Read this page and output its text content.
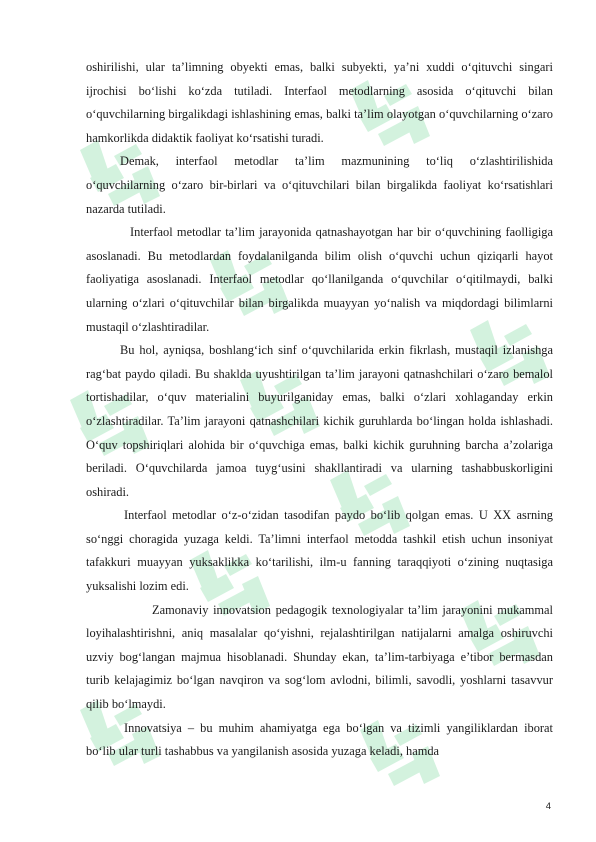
oshirilishi, ular ta’limning obyekti emas, balki subyekti, ya’ni xuddi o‘qituvchi singari ijrochisi bo‘lishi ko‘zda tutiladi. Interfaol metodlarning asosida o‘qituvchi bilan o‘quvchilarning birgalikdagi ishlashining emas, balki ta’lim olayotgan o‘quvchilarning o‘zaro hamkorlikda didaktik faoliyat ko‘rsatishi turadi.

Demak, interfaol metodlar ta’lim mazmunining to‘liq o‘zlashtirilishida o‘quvchilarning o‘zaro bir-birlari va o‘qituvchilari bilan birgalikda faoliyat ko‘rsatishlari nazarda tutiladi.

Interfaol metodlar ta’lim jarayonida qatnashayotgan har bir o‘quvchining faolligiga asoslanadi. Bu metodlardan foydalanilganda bilim olish o‘quvchi uchun qiziqarli hayot faoliyatiga asoslanadi. Interfaol metodlar qo‘llanilganda o‘quvchilar o‘qitilmaydi, balki ularning o‘zlari o‘qituvchilar bilan birgalikda muayyan yo‘nalish va miqdordagi bilimlarni mustaqil o‘zlashtiradilar.

Bu hol, ayniqsa, boshlang‘ich sinf o‘quvchilarida erkin fikrlash, mustaqil izlanishga rag‘bat paydo qiladi. Bu shaklda uyushtirilgan ta’lim jarayoni qatnashchilari o‘zaro bemalol tortishadilar, o‘quv materialini buyurilganiday emas, balki o‘zlari xohlaganday erkin o‘zlashtiradilar. Ta’lim jarayoni qatnashchilari kichik guruhlarda bo‘lingan holda ishlashadi. O‘quv topshiriqlari alohida bir o‘quvchiga emas, balki kichik guruhning barcha a’zolariga beriladi. O‘quvchilarda jamoa tuyg‘usini shakllantiradi va ularning tashabbuskorligini oshiradi.

Interfaol metodlar o‘z-o‘zidan tasodifan paydo bo‘lib qolgan emas. U XX asrning so‘nggi choragida yuzaga keldi. Ta’limni interfaol metodda tashkil etish uchun insoniyat tafakkuri muayyan yuksaklikka ko‘tarilishi, ilm-u fanning taraqqiyoti o‘zining nuqtasiga yuksalishi lozim edi.

Zamonaviy innovatsion pedagogik texnologiyalar ta’lim jarayonini mukammal loyihalashtirishni, aniq masalalar qo‘yishni, rejalashtirilgan natijalarni amalga oshiruvchi uzviy bog‘langan majmua hisoblanadi. Shunday ekan, ta’lim-tarbiyaga e’tibor bermasdan turib kelajagimiz bo‘lgan navqiron va sog‘lom avlodni, bilimli, savodli, yoshlarni tasavvur qilib bo‘lmaydi.

Innovatsiya – bu muhim ahamiyatga ega bo‘lgan va tizimli yangiliklardan iborat bo‘lib ular turli tashabbus va yangilanish asosida yuzaga keladi, hamda

4
